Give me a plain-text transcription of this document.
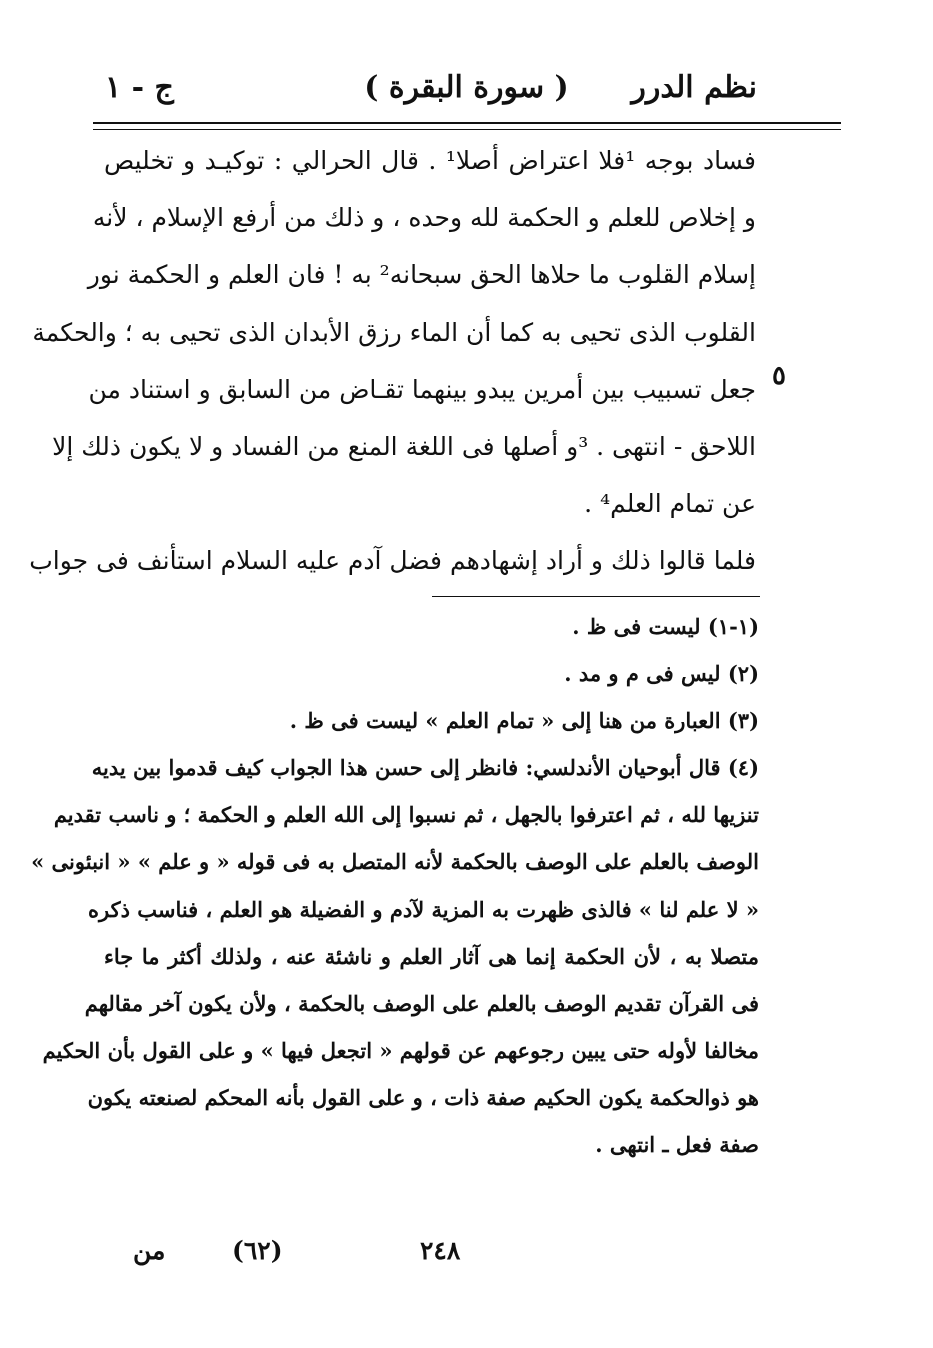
نظم الدرر
( سورة البقرة )
ج - ١
٥
فساد بوجه ¹فلا اعتراض أصلا¹ . قال الحرالي : توكيـد و تخليص
و إخلاص للعلم و الحكمة لله وحده ، و ذلك من أرفع الإسلام ، لأنه
إسلام القلوب ما حلاها الحق سبحانه² به ! فان العلم و الحكمة نور
القلوب الذى تحيى به كما أن الماء رزق الأبدان الذى تحيى به ؛ والحكمة
جعل تسبيب بين أمرين يبدو بينهما تقـاض من السابق و استناد من
اللاحق - انتهى . ³و أصلها فى اللغة المنع من الفساد و لا يكون ذلك إلا
عن تمام العلم⁴ .
فلما قالوا ذلك و أراد إشهادهم فضل آدم عليه السلام استأنف فى جواب
(١-١) ليست فى ظ .
(٢) ليس فى م و مد .
(٣) العبارة من هنا إلى « تمام العلم » ليست فى ظ .
(٤) قال أبوحيان الأندلسي: فانظر إلى حسن هذا الجواب كيف قدموا بين يديه
تنزيها لله ، ثم اعترفوا بالجهل ، ثم نسبوا إلى الله العلم و الحكمة ؛ و ناسب تقديم
الوصف بالعلم على الوصف بالحكمة لأنه المتصل به فى قوله « و علم » « انبئونى »
« لا علم لنا » فالذى ظهرت به المزية لآدم و الفضيلة هو العلم ، فناسب ذكره
متصلا به ، لأن الحكمة إنما هى آثار العلم و ناشئة عنه ، ولذلك أكثر ما جاء
فى القرآن تقديم الوصف بالعلم على الوصف بالحكمة ، ولأن يكون آخر مقالهم
مخالفا لأوله حتى يبين رجوعهم عن قولهم « اتجعل فيها » و على القول بأن الحكيم
هو ذوالحكمة يكون الحكيم صفة ذات ، و على القول بأنه المحكم لصنعته يكون
صفة فعل ـ انتهى .
٢٤٨
(٦٢)
من
